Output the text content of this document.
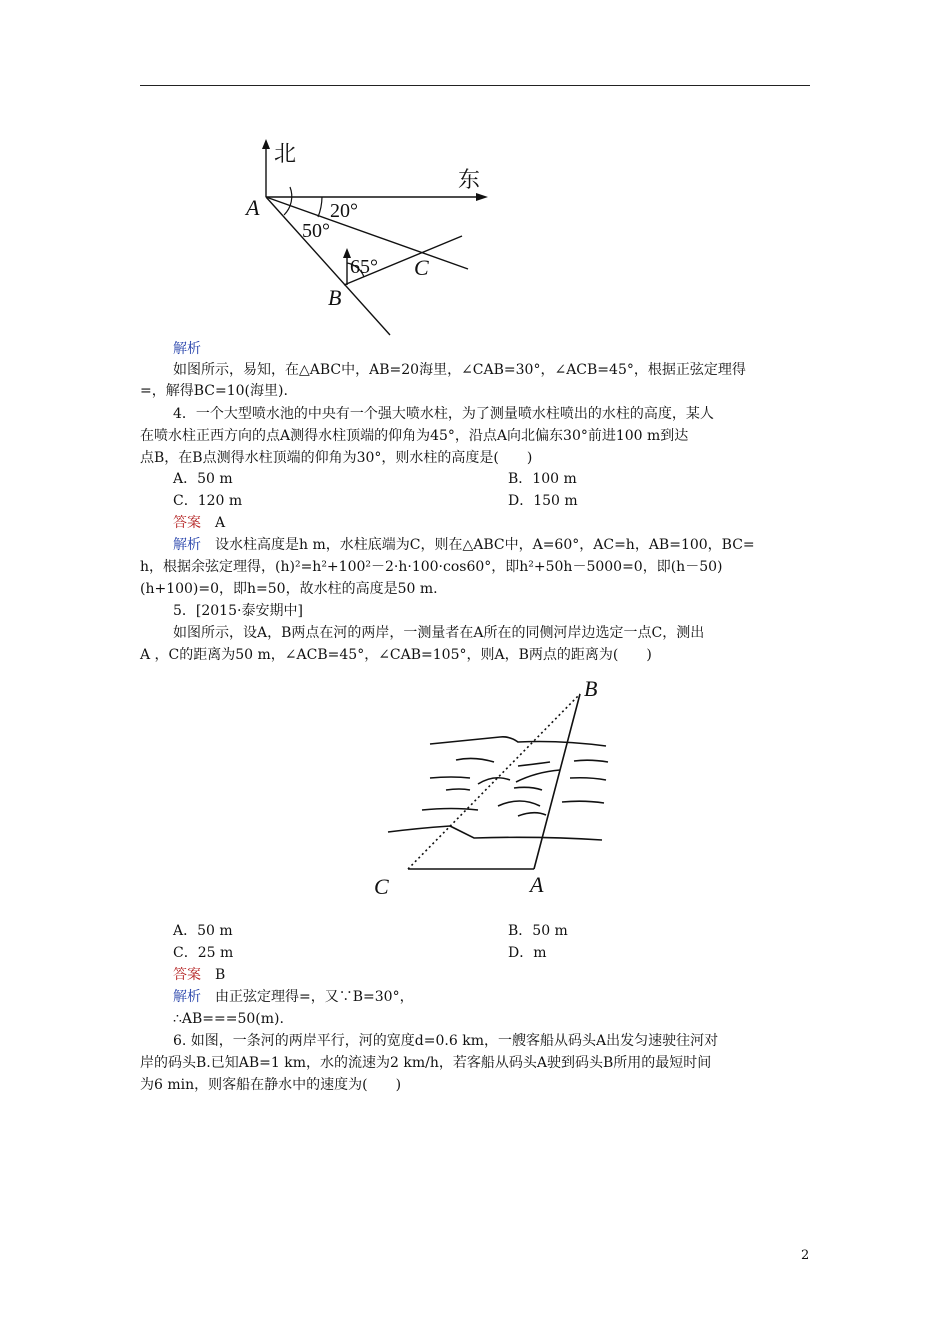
北
东
A
B
C
20°
50°
65°
解析
如图所示，易知，在△ABC中，AB=20海里，∠CAB=30°，∠ACB=45°，根据正弦定理得
=，解得BC=10(海里).
4．一个大型喷水池的中央有一个强大喷水柱，为了测量喷水柱喷出的水柱的高度，某人
在喷水柱正西方向的点A测得水柱顶端的仰角为45°，沿点A向北偏东30°前进100 m到达
点B，在B点测得水柱顶端的仰角为30°，则水柱的高度是(　　)
A．50 m	B．100 m
C．120 m	D．150 m
答案　 A
解析　 设水柱高度是h m，水柱底端为C，则在△ABC中，A=60°，AC=h，AB=100，BC=
h，根据余弦定理得，(h)²=h²+100²－2·h·100·cos60°，即h²+50h－5000=0，即(h－50)
(h+100)=0，即h=50，故水柱的高度是50 m.
5．[2015·泰安期中]
如图所示，设A，B两点在河的两岸，一测量者在A所在的同侧河岸边选定一点C，测出
A ，C的距离为50 m，∠ACB=45°，∠CAB=105°，则A，B两点的距离为(　　)
B
A
C
A．50 m	B．50 m
C．25 m	D．m
答案　 B
解析　 由正弦定理得=，又∵B=30°，
∴AB===50(m).
6. 如图，一条河的两岸平行，河的宽度d=0.6 km，一艘客船从码头A出发匀速驶往河对
岸的码头B.已知AB=1 km，水的流速为2 km/h，若客船从码头A驶到码头B所用的最短时间
为6 min，则客船在静水中的速度为(　　)
2
